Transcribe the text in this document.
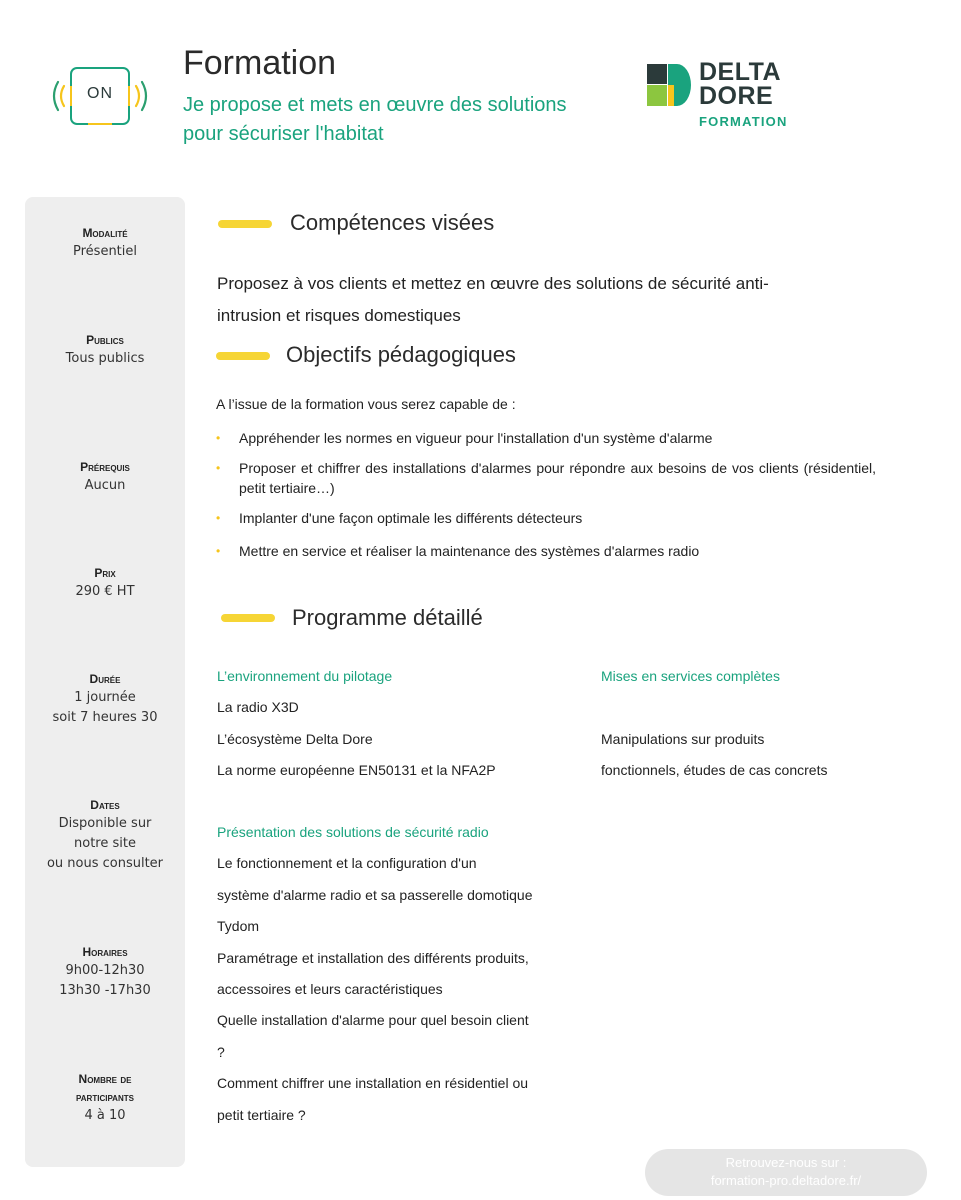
ON
Formation
Je propose et mets en œuvre des solutions
pour sécuriser l'habitat
DELTA
DORE
FORMATION
Modalité
Présentiel
Publics
Tous publics
Prérequis
Aucun
Prix
290 € HT
Durée
1 journée
soit 7 heures 30
Dates
Disponible sur
notre site
ou nous consulter
Horaires
9h00-12h30
13h30 -17h30
Nombre de
participants
4 à 10
Compétences visées
Proposez à vos clients et mettez en œuvre des solutions de sécurité anti-
intrusion et risques domestiques
Objectifs pédagogiques
A l’issue de la formation vous serez capable de :
• Appréhender les normes en vigueur pour l'installation d'un système d'alarme
• Proposer et chiffrer des installations d'alarmes pour répondre aux besoins de vos clients (résidentiel, petit tertiaire…)
• Implanter d'une façon optimale les différents détecteurs
• Mettre en service et réaliser la maintenance des systèmes d'alarmes radio
Programme détaillé
L’environnement du pilotage
La radio X3D
L’écosystème Delta Dore
La norme européenne EN50131 et la NFA2P
Présentation des solutions de sécurité radio
Le fonctionnement et la configuration d'un
système d'alarme radio et sa passerelle domotique
Tydom
Paramétrage et installation des différents produits,
accessoires et leurs caractéristiques
Quelle installation d'alarme pour quel besoin client
?
Comment chiffrer une installation en résidentiel ou
petit tertiaire ?
Mises en services complètes
Manipulations sur produits
fonctionnels, études de cas concrets
Retrouvez-nous sur :
formation-pro.deltadore.fr/
